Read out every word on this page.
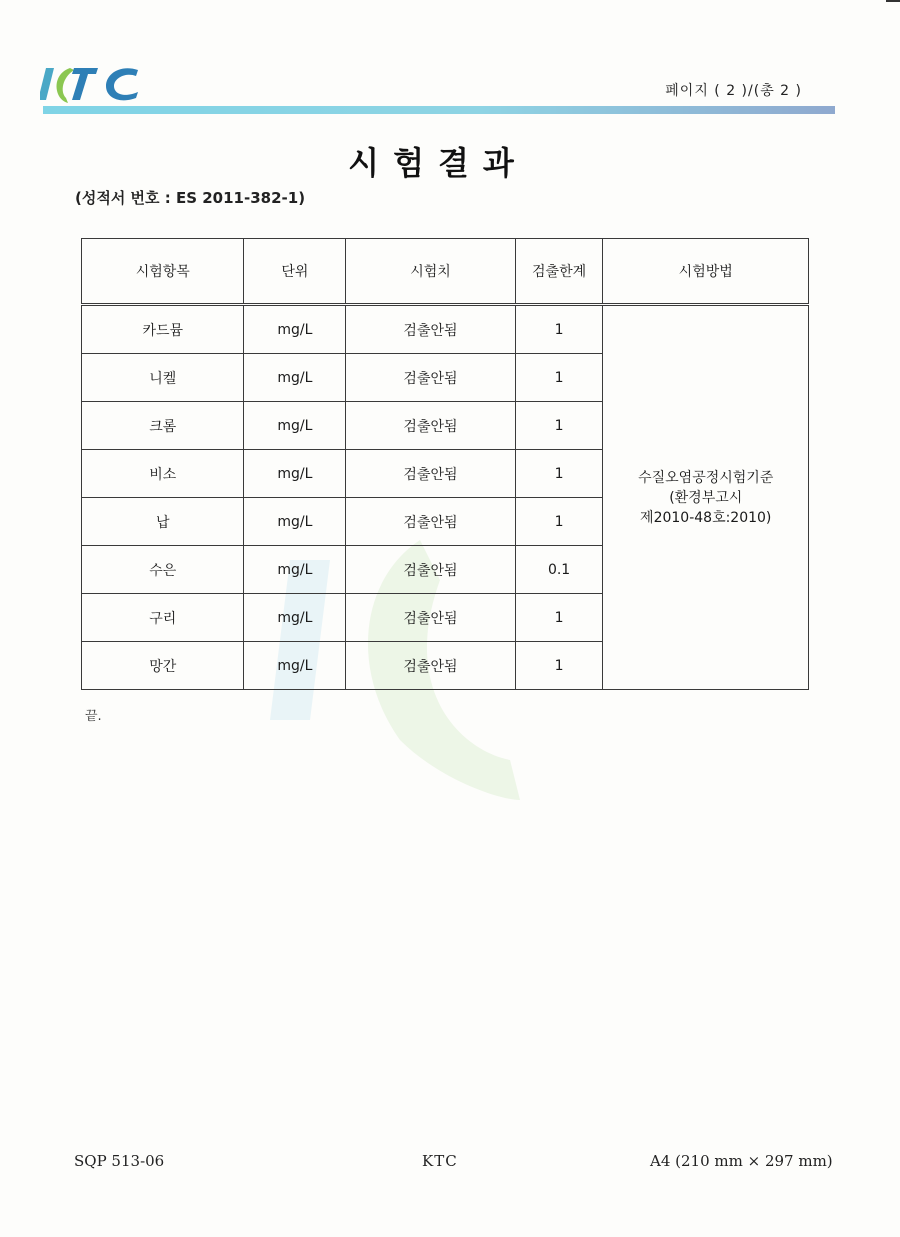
페이지 ( 2 )/(총 2 )
시험결과
(성적서 번호 : ES 2011-382-1)
시험항목	단위	시험치	검출한계	시험방법
카드뮴	mg/L	검출안됨	1	수질오염공정시험기준
(환경부고시
제2010-48호:2010)

니켈	mg/L	검출안됨	1	
크롬	mg/L	검출안됨	1	
비소	mg/L	검출안됨	1	
납	mg/L	검출안됨	1	
수은	mg/L	검출안됨	0.1	
구리	mg/L	검출안됨	1	
망간	mg/L	검출안됨	1	
끝.
SQP 513-06	KTC	A4 (210 mm × 297 mm)
